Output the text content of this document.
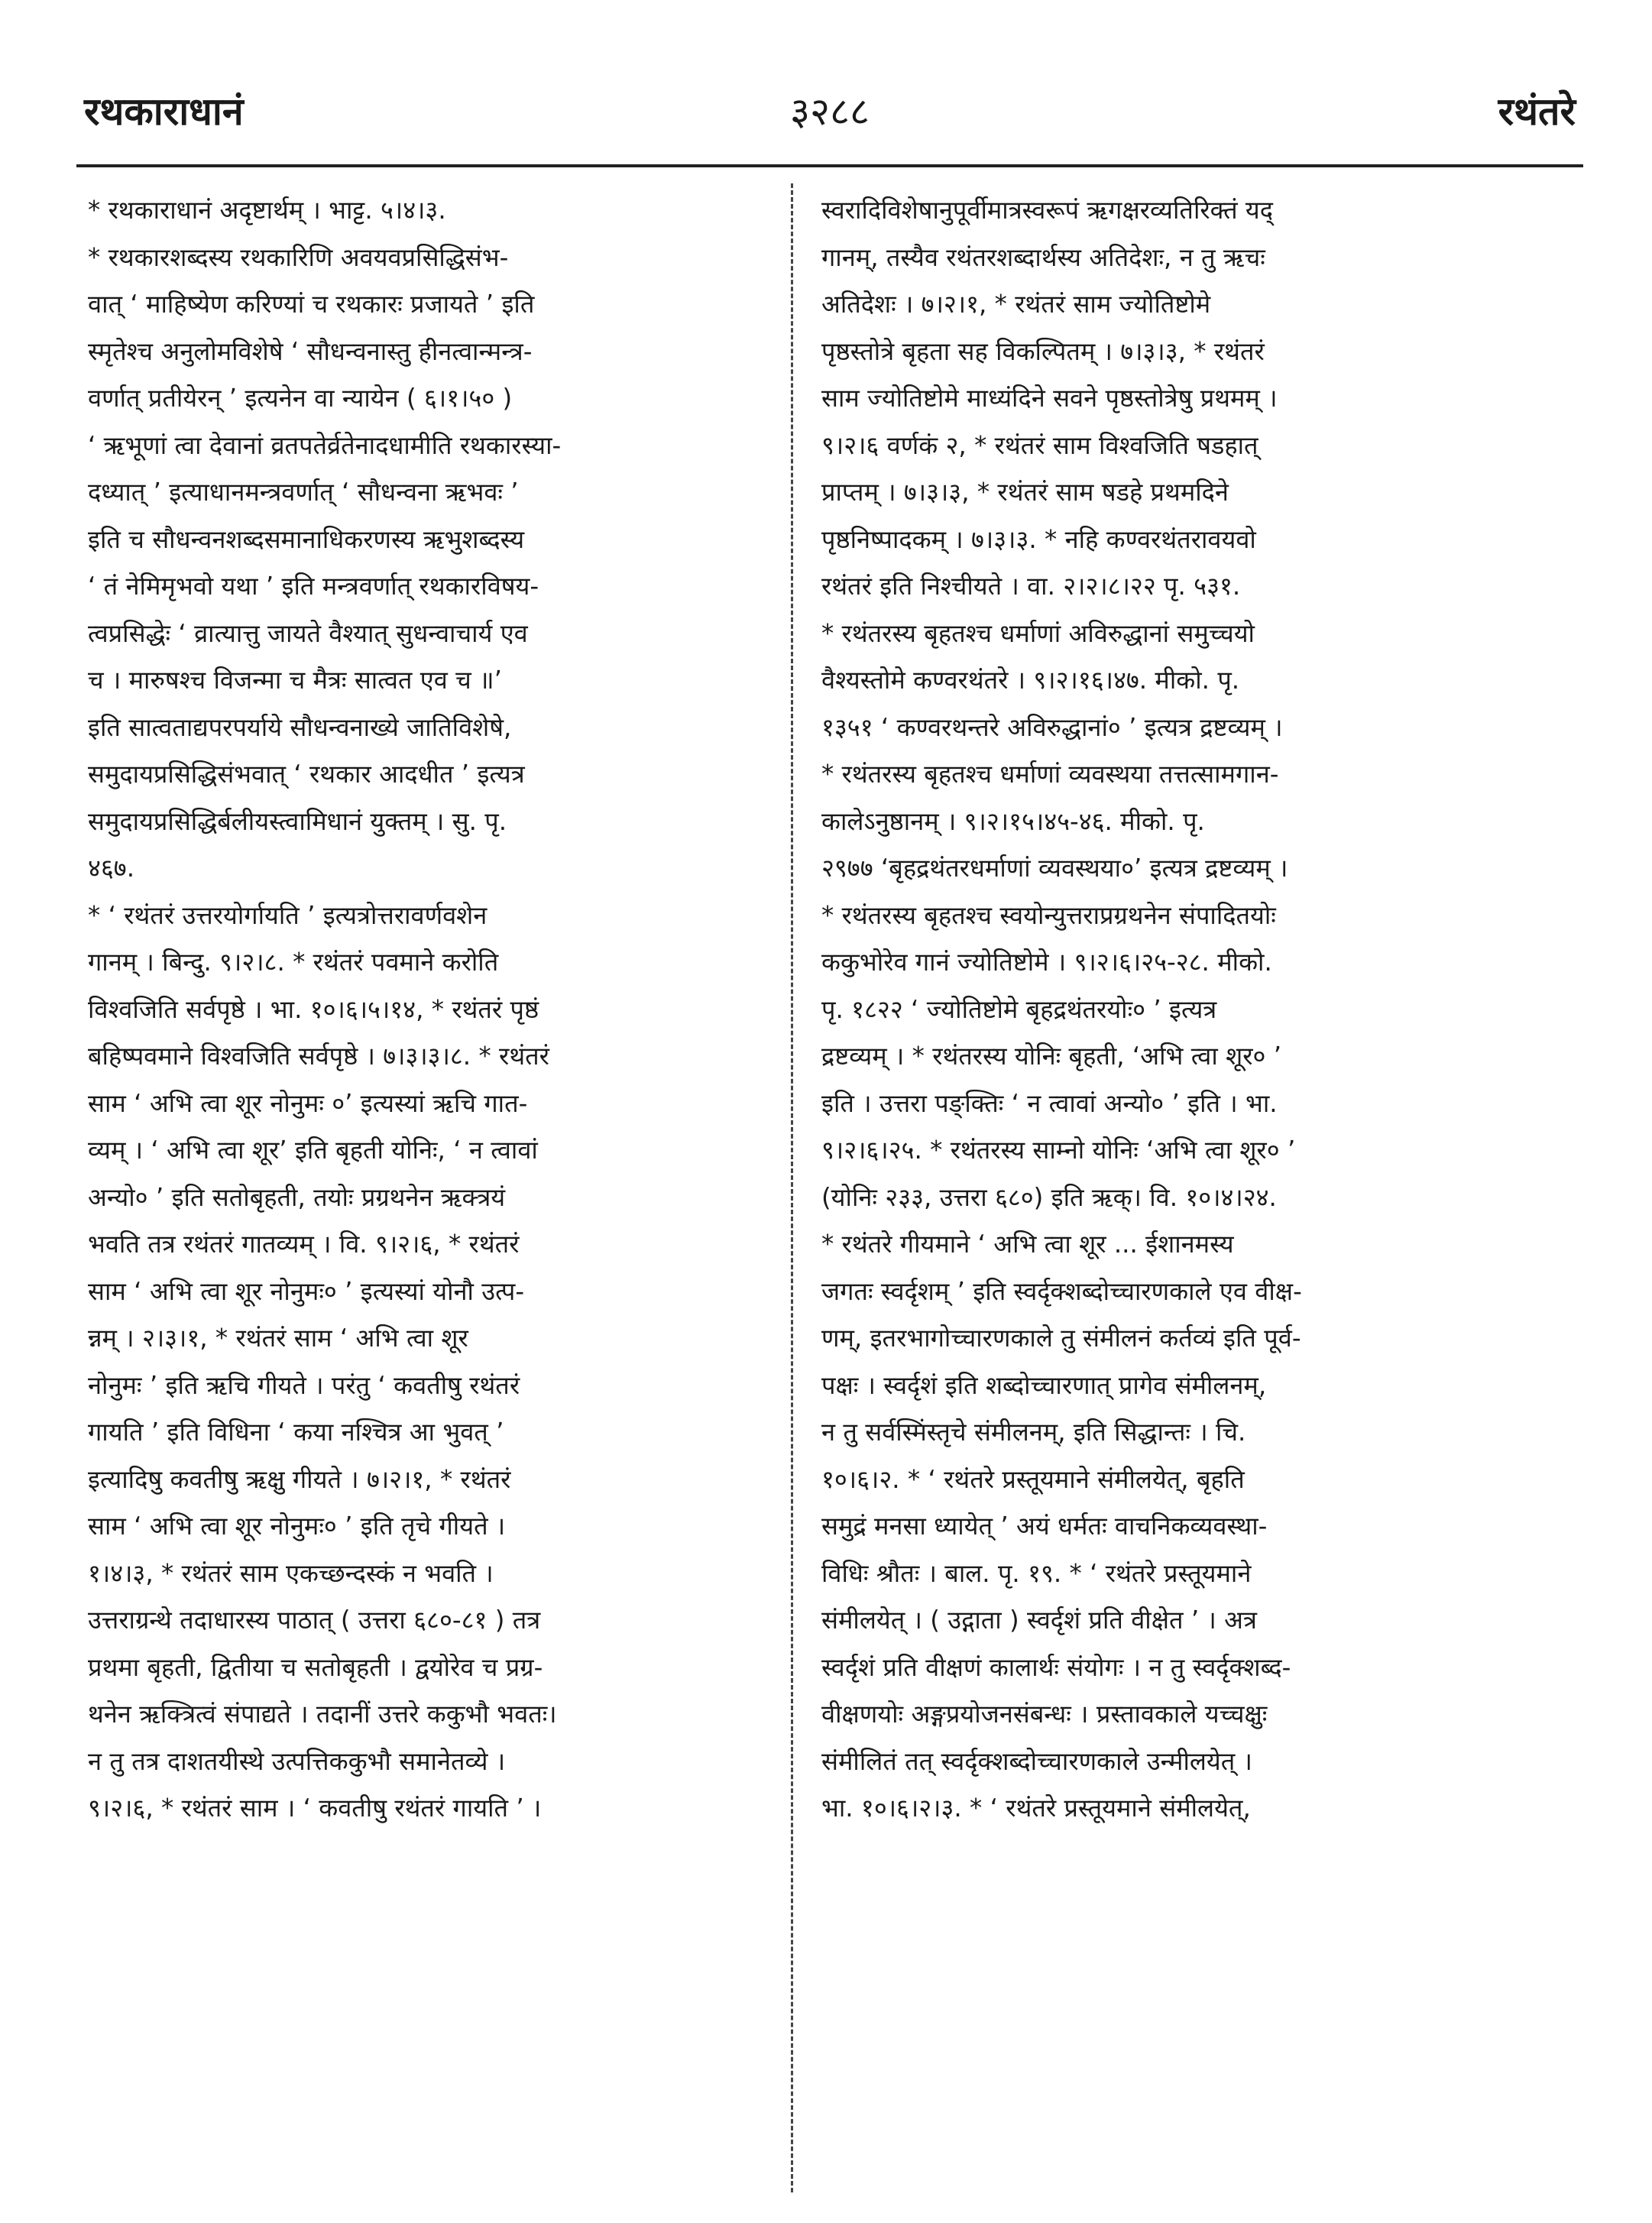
रथकाराधानं	३२८८	रथंतरे
* रथकाराधानं अदृष्टार्थम् । भाट्ट. ५।४।३.
* रथकारशब्दस्य रथकारिणि अवयवप्रसिद्धिसंभ-
वात् ‘ माहिष्येण करिण्यां च रथकारः प्रजायते ’ इति
स्मृतेश्च अनुलोमविशेषे ‘ सौधन्वनास्तु हीनत्वान्मन्त्र-
वर्णात् प्रतीयेरन् ’ इत्यनेन वा न्यायेन ( ६।१।५० )
‘ ऋभूणां त्वा देवानां व्रतपतेर्व्रतेनादधामीति रथकारस्या-
दध्यात् ’ इत्याधानमन्त्रवर्णात् ‘ सौधन्वना ऋभवः ’
इति च सौधन्वनशब्दसमानाधिकरणस्य ऋभुशब्दस्य
‘ तं नेमिमृभवो यथा ’ इति मन्त्रवर्णात् रथकारविषय-
त्वप्रसिद्धेः ‘ व्रात्यात्तु जायते वैश्यात् सुधन्वाचार्य एव
च । मारुषश्च विजन्मा च मैत्रः सात्वत एव च ॥’
इति सात्वताद्यपरपर्याये सौधन्वनाख्ये जातिविशेषे,
समुदायप्रसिद्धिसंभवात् ‘ रथकार आदधीत ’ इत्यत्र
समुदायप्रसिद्धिर्बलीयस्त्वामिधानं युक्तम् । सु. पृ.
४६७.
* ‘ रथंतरं उत्तरयोर्गायति ’ इत्यत्रोत्तरावर्णवशेन
गानम् । बिन्दु. ९।२।८. * रथंतरं पवमाने करोति
विश्वजिति सर्वपृष्ठे । भा. १०।६।५।१४, * रथंतरं पृष्ठं
बहिष्पवमाने विश्वजिति सर्वपृष्ठे । ७।३।३।८. * रथंतरं
साम ‘ अभि त्वा शूर नोनुमः ०’ इत्यस्यां ऋचि गात-
व्यम् । ‘ अभि त्वा शूर’ इति बृहती योनिः, ‘ न त्वावां
अन्यो० ’ इति सतोबृहती, तयोः प्रग्रथनेन ऋक्त्रयं
भवति तत्र रथंतरं गातव्यम् । वि. ९।२।६, * रथंतरं
साम ‘ अभि त्वा शूर नोनुमः० ’ इत्यस्यां योनौ उत्प-
न्नम् । २।३।१, * रथंतरं साम ‘ अभि त्वा शूर
नोनुमः ’ इति ऋचि गीयते । परंतु ‘ कवतीषु रथंतरं
गायति ’ इति विधिना ‘ कया नश्चित्र आ भुवत् ’
इत्यादिषु कवतीषु ऋक्षु गीयते । ७।२।१, * रथंतरं
साम ‘ अभि त्वा शूर नोनुमः० ’ इति तृचे गीयते ।
१।४।३, * रथंतरं साम एकच्छन्दस्कं न भवति ।
उत्तराग्रन्थे तदाधारस्य पाठात् ( उत्तरा ६८०-८१ ) तत्र
प्रथमा बृहती, द्वितीया च सतोबृहती । द्वयोरेव च प्रग्र-
थनेन ऋक्त्रित्वं संपाद्यते । तदानीं उत्तरे ककुभौ भवतः।
न तु तत्र दाशतयीस्थे उत्पत्तिककुभौ समानेतव्ये ।
९।२।६, * रथंतरं साम । ‘ कवतीषु रथंतरं गायति ’ ।
स्वरादिविशेषानुपूर्वीमात्रस्वरूपं ऋगक्षरव्यतिरिक्तं यद्
गानम्, तस्यैव रथंतरशब्दार्थस्य अतिदेशः, न तु ऋचः
अतिदेशः । ७।२।१, * रथंतरं साम ज्योतिष्टोमे
पृष्ठस्तोत्रे बृहता सह विकल्पितम् । ७।३।३, * रथंतरं
साम ज्योतिष्टोमे माध्यंदिने सवने पृष्ठस्तोत्रेषु प्रथमम् ।
९।२।६ वर्णकं २, * रथंतरं साम विश्वजिति षडहात्
प्राप्तम् । ७।३।३, * रथंतरं साम षडहे प्रथमदिने
पृष्ठनिष्पादकम् । ७।३।३. * नहि कण्वरथंतरावयवो
रथंतरं इति निश्चीयते । वा. २।२।८।२२ पृ. ५३१.
* रथंतरस्य बृहतश्च धर्माणां अविरुद्धानां समुच्चयो
वैश्यस्तोमे कण्वरथंतरे । ९।२।१६।४७. मीको. पृ.
१३५१ ‘ कण्वरथन्तरे अविरुद्धानां० ’ इत्यत्र द्रष्टव्यम् ।
* रथंतरस्य बृहतश्च धर्माणां व्यवस्थया तत्तत्सामगान-
कालेऽनुष्ठानम् । ९।२।१५।४५-४६. मीको. पृ.
२९७७ ‘बृहद्रथंतरधर्माणां व्यवस्थया०’ इत्यत्र द्रष्टव्यम् ।
* रथंतरस्य बृहतश्च स्वयोन्युत्तराप्रग्रथनेन संपादितयोः
ककुभोरेव गानं ज्योतिष्टोमे । ९।२।६।२५-२८. मीको.
पृ. १८२२ ‘ ज्योतिष्टोमे बृहद्रथंतरयोः० ’ इत्यत्र
द्रष्टव्यम् । * रथंतरस्य योनिः बृहती, ‘अभि त्वा शूर० ’
इति । उत्तरा पङ्क्तिः ‘ न त्वावां अन्यो० ’ इति । भा.
९।२।६।२५. * रथंतरस्य साम्नो योनिः ‘अभि त्वा शूर० ’
(योनिः २३३, उत्तरा ६८०) इति ऋक्। वि. १०।४।२४.
* रथंतरे गीयमाने ‘ अभि त्वा शूर ... ईशानमस्य
जगतः स्वर्दृशम् ’ इति स्वर्दृक्शब्दोच्चारणकाले एव वीक्ष-
णम्, इतरभागोच्चारणकाले तु संमीलनं कर्तव्यं इति पूर्व-
पक्षः । स्वर्दृशं इति शब्दोच्चारणात् प्रागेव संमीलनम्,
न तु सर्वस्मिंस्तृचे संमीलनम्, इति सिद्धान्तः । चि.
१०।६।२. * ‘ रथंतरे प्रस्तूयमाने संमीलयेत्, बृहति
समुद्रं मनसा ध्यायेत् ’ अयं धर्मतः वाचनिकव्यवस्था-
विधिः श्रौतः । बाल. पृ. १९. * ‘ रथंतरे प्रस्तूयमाने
संमीलयेत् । ( उद्गाता ) स्वर्दृशं प्रति वीक्षेत ’ । अत्र
स्वर्दृशं प्रति वीक्षणं कालार्थः संयोगः । न तु स्वर्दृक्शब्द-
वीक्षणयोः अङ्गप्रयोजनसंबन्धः । प्रस्तावकाले यच्चक्षुः
संमीलितं तत् स्वर्दृक्शब्दोच्चारणकाले उन्मीलयेत् ।
भा. १०।६।२।३. * ‘ रथंतरे प्रस्तूयमाने संमीलयेत्,
